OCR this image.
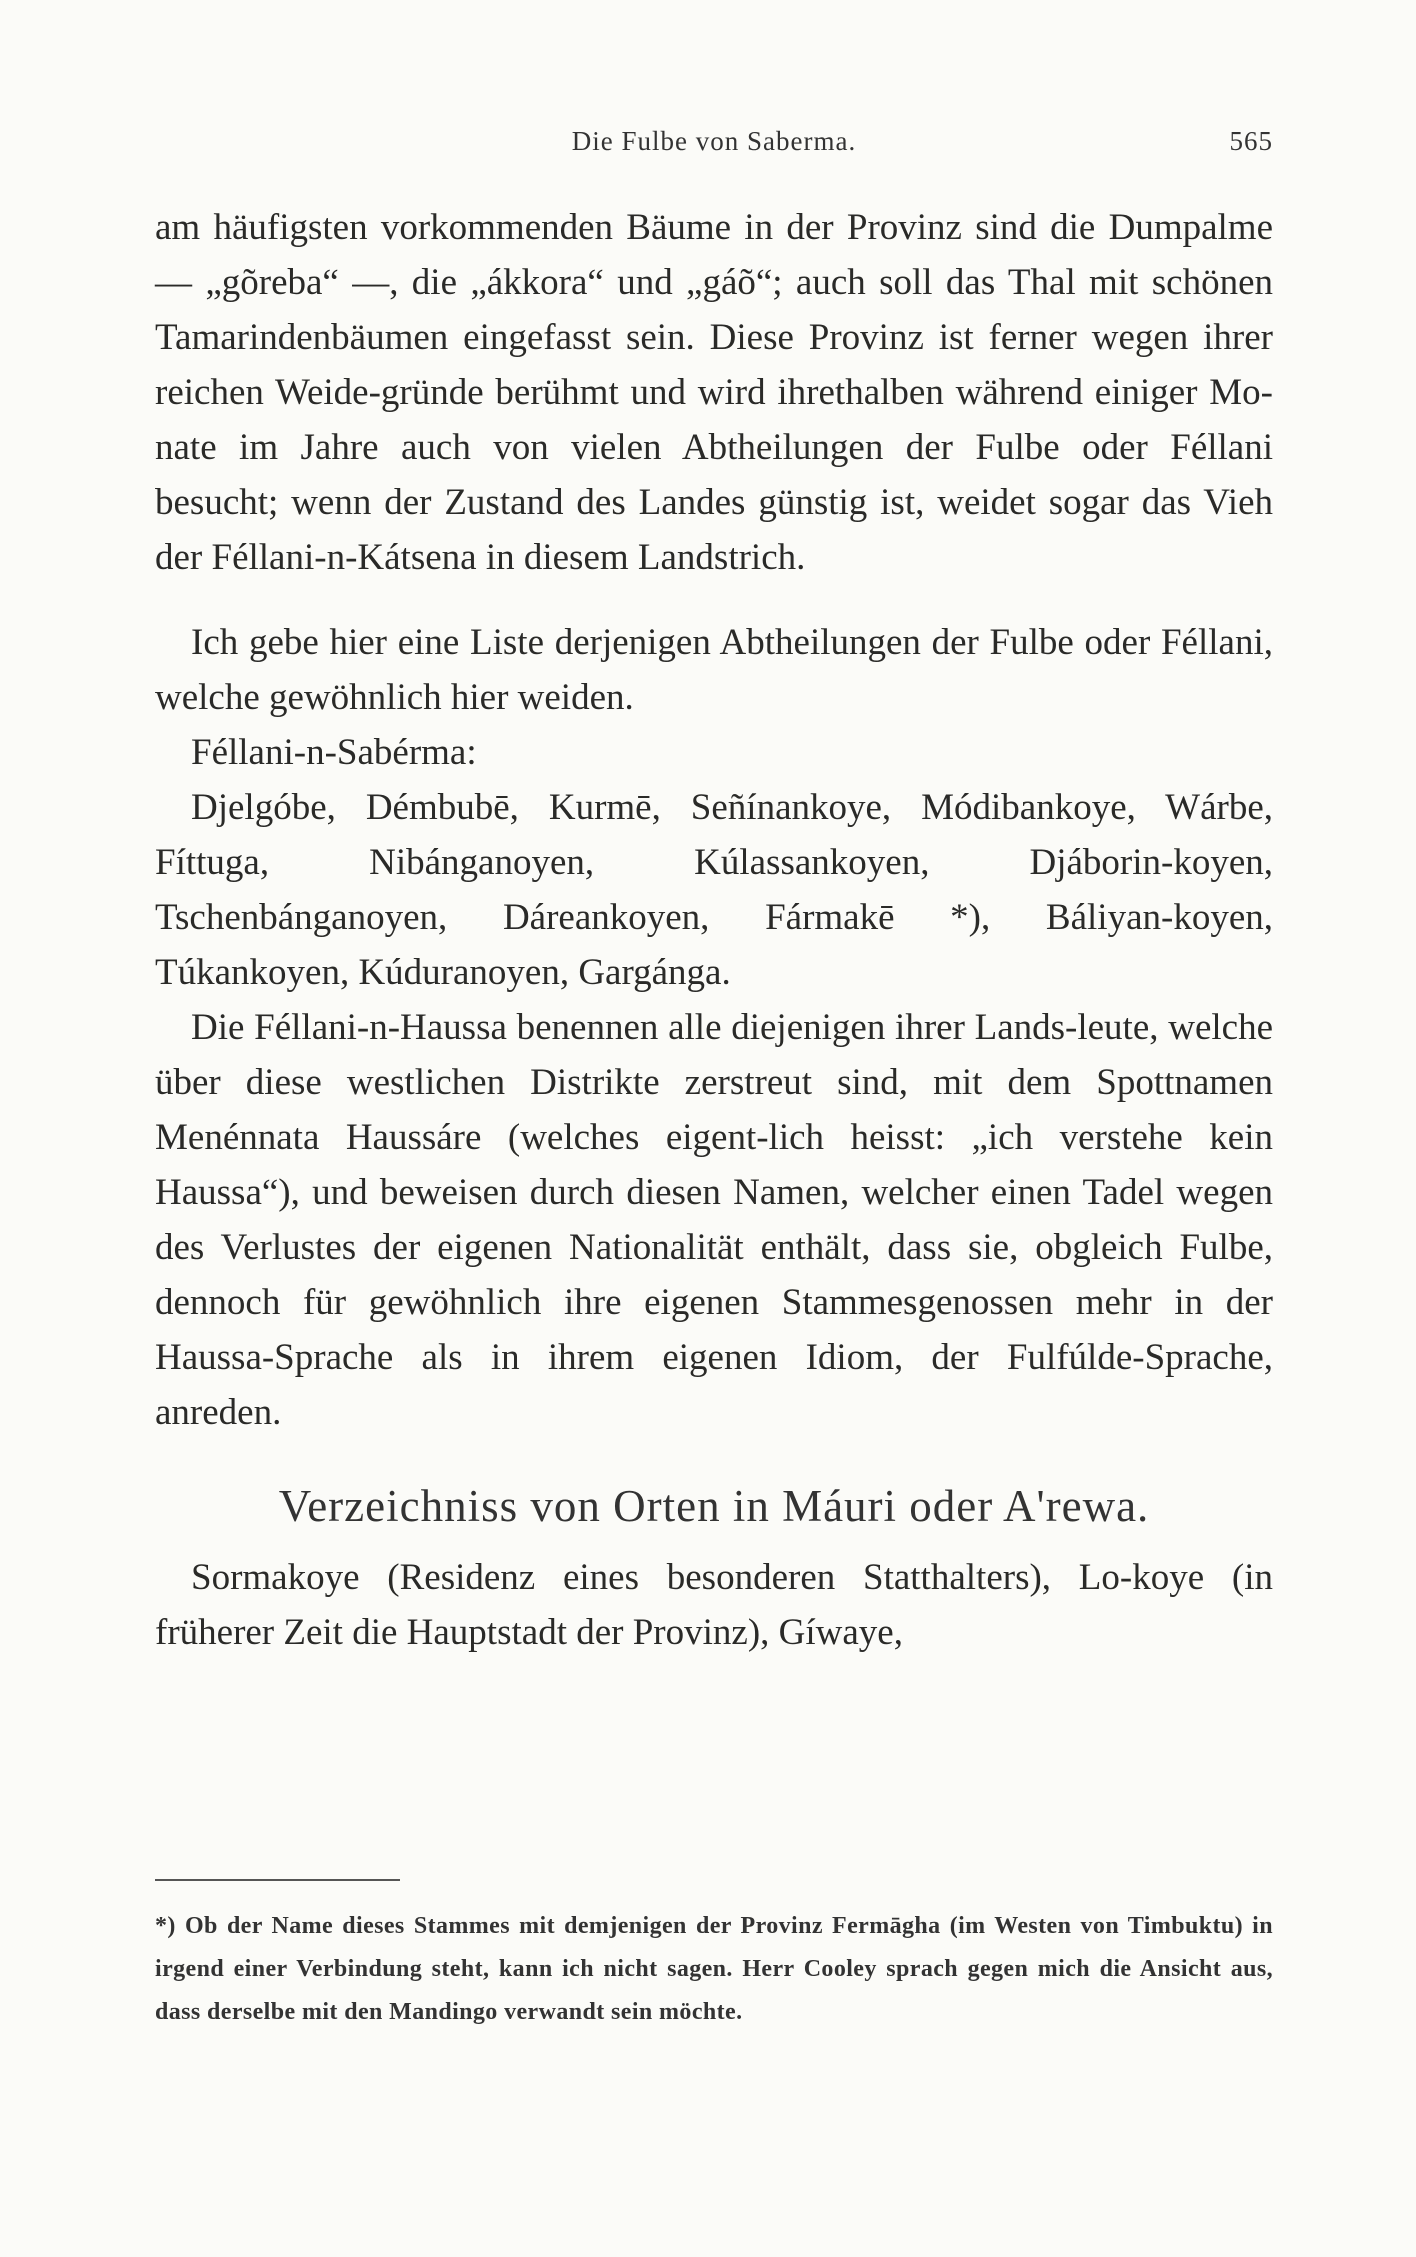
Die Fulbe von Saberma.	565

am häufigsten vorkommenden Bäume in der Provinz sind die Dumpalme — „gõreba“ —, die „ákkora“ und „gáõ“; auch soll das Thal mit schönen Tamarindenbäumen eingefasst sein. Diese Provinz ist ferner wegen ihrer reichen Weide-gründe berühmt und wird ihrethalben während einiger Mo-nate im Jahre auch von vielen Abtheilungen der Fulbe oder Féllani besucht; wenn der Zustand des Landes günstig ist, weidet sogar das Vieh der Féllani-n-Kátsena in diesem Landstrich.

Ich gebe hier eine Liste derjenigen Abtheilungen der Fulbe oder Féllani, welche gewöhnlich hier weiden.

Féllani-n-Sabérma:

Djelgóbe, Démbubē, Kurmē, Señínankoye, Módibankoye, Wárbe, Fíttuga, Nibánganoyen, Kúlassankoyen, Djáborin-koyen, Tschenbánganoyen, Dáreankoyen, Fármakē *), Báliyan-koyen, Túkankoyen, Kúduranoyen, Gargánga.

Die Féllani-n-Haussa benennen alle diejenigen ihrer Lands-leute, welche über diese westlichen Distrikte zerstreut sind, mit dem Spottnamen Menénnata Haussáre (welches eigent-lich heisst: „ich verstehe kein Haussa“), und beweisen durch diesen Namen, welcher einen Tadel wegen des Verlustes der eigenen Nationalität enthält, dass sie, obgleich Fulbe, dennoch für gewöhnlich ihre eigenen Stammesgenossen mehr in der Haussa-Sprache als in ihrem eigenen Idiom, der Fulfúlde-Sprache, anreden.

Verzeichniss von Orten in Máuri oder A'rewa.

Sormakoye (Residenz eines besonderen Statthalters), Lo-koye (in früherer Zeit die Hauptstadt der Provinz), Gíwaye,

*) Ob der Name dieses Stammes mit demjenigen der Provinz Fermāgha (im Westen von Timbuktu) in irgend einer Verbindung steht, kann ich nicht sagen. Herr Cooley sprach gegen mich die Ansicht aus, dass derselbe mit den Mandingo verwandt sein möchte.
